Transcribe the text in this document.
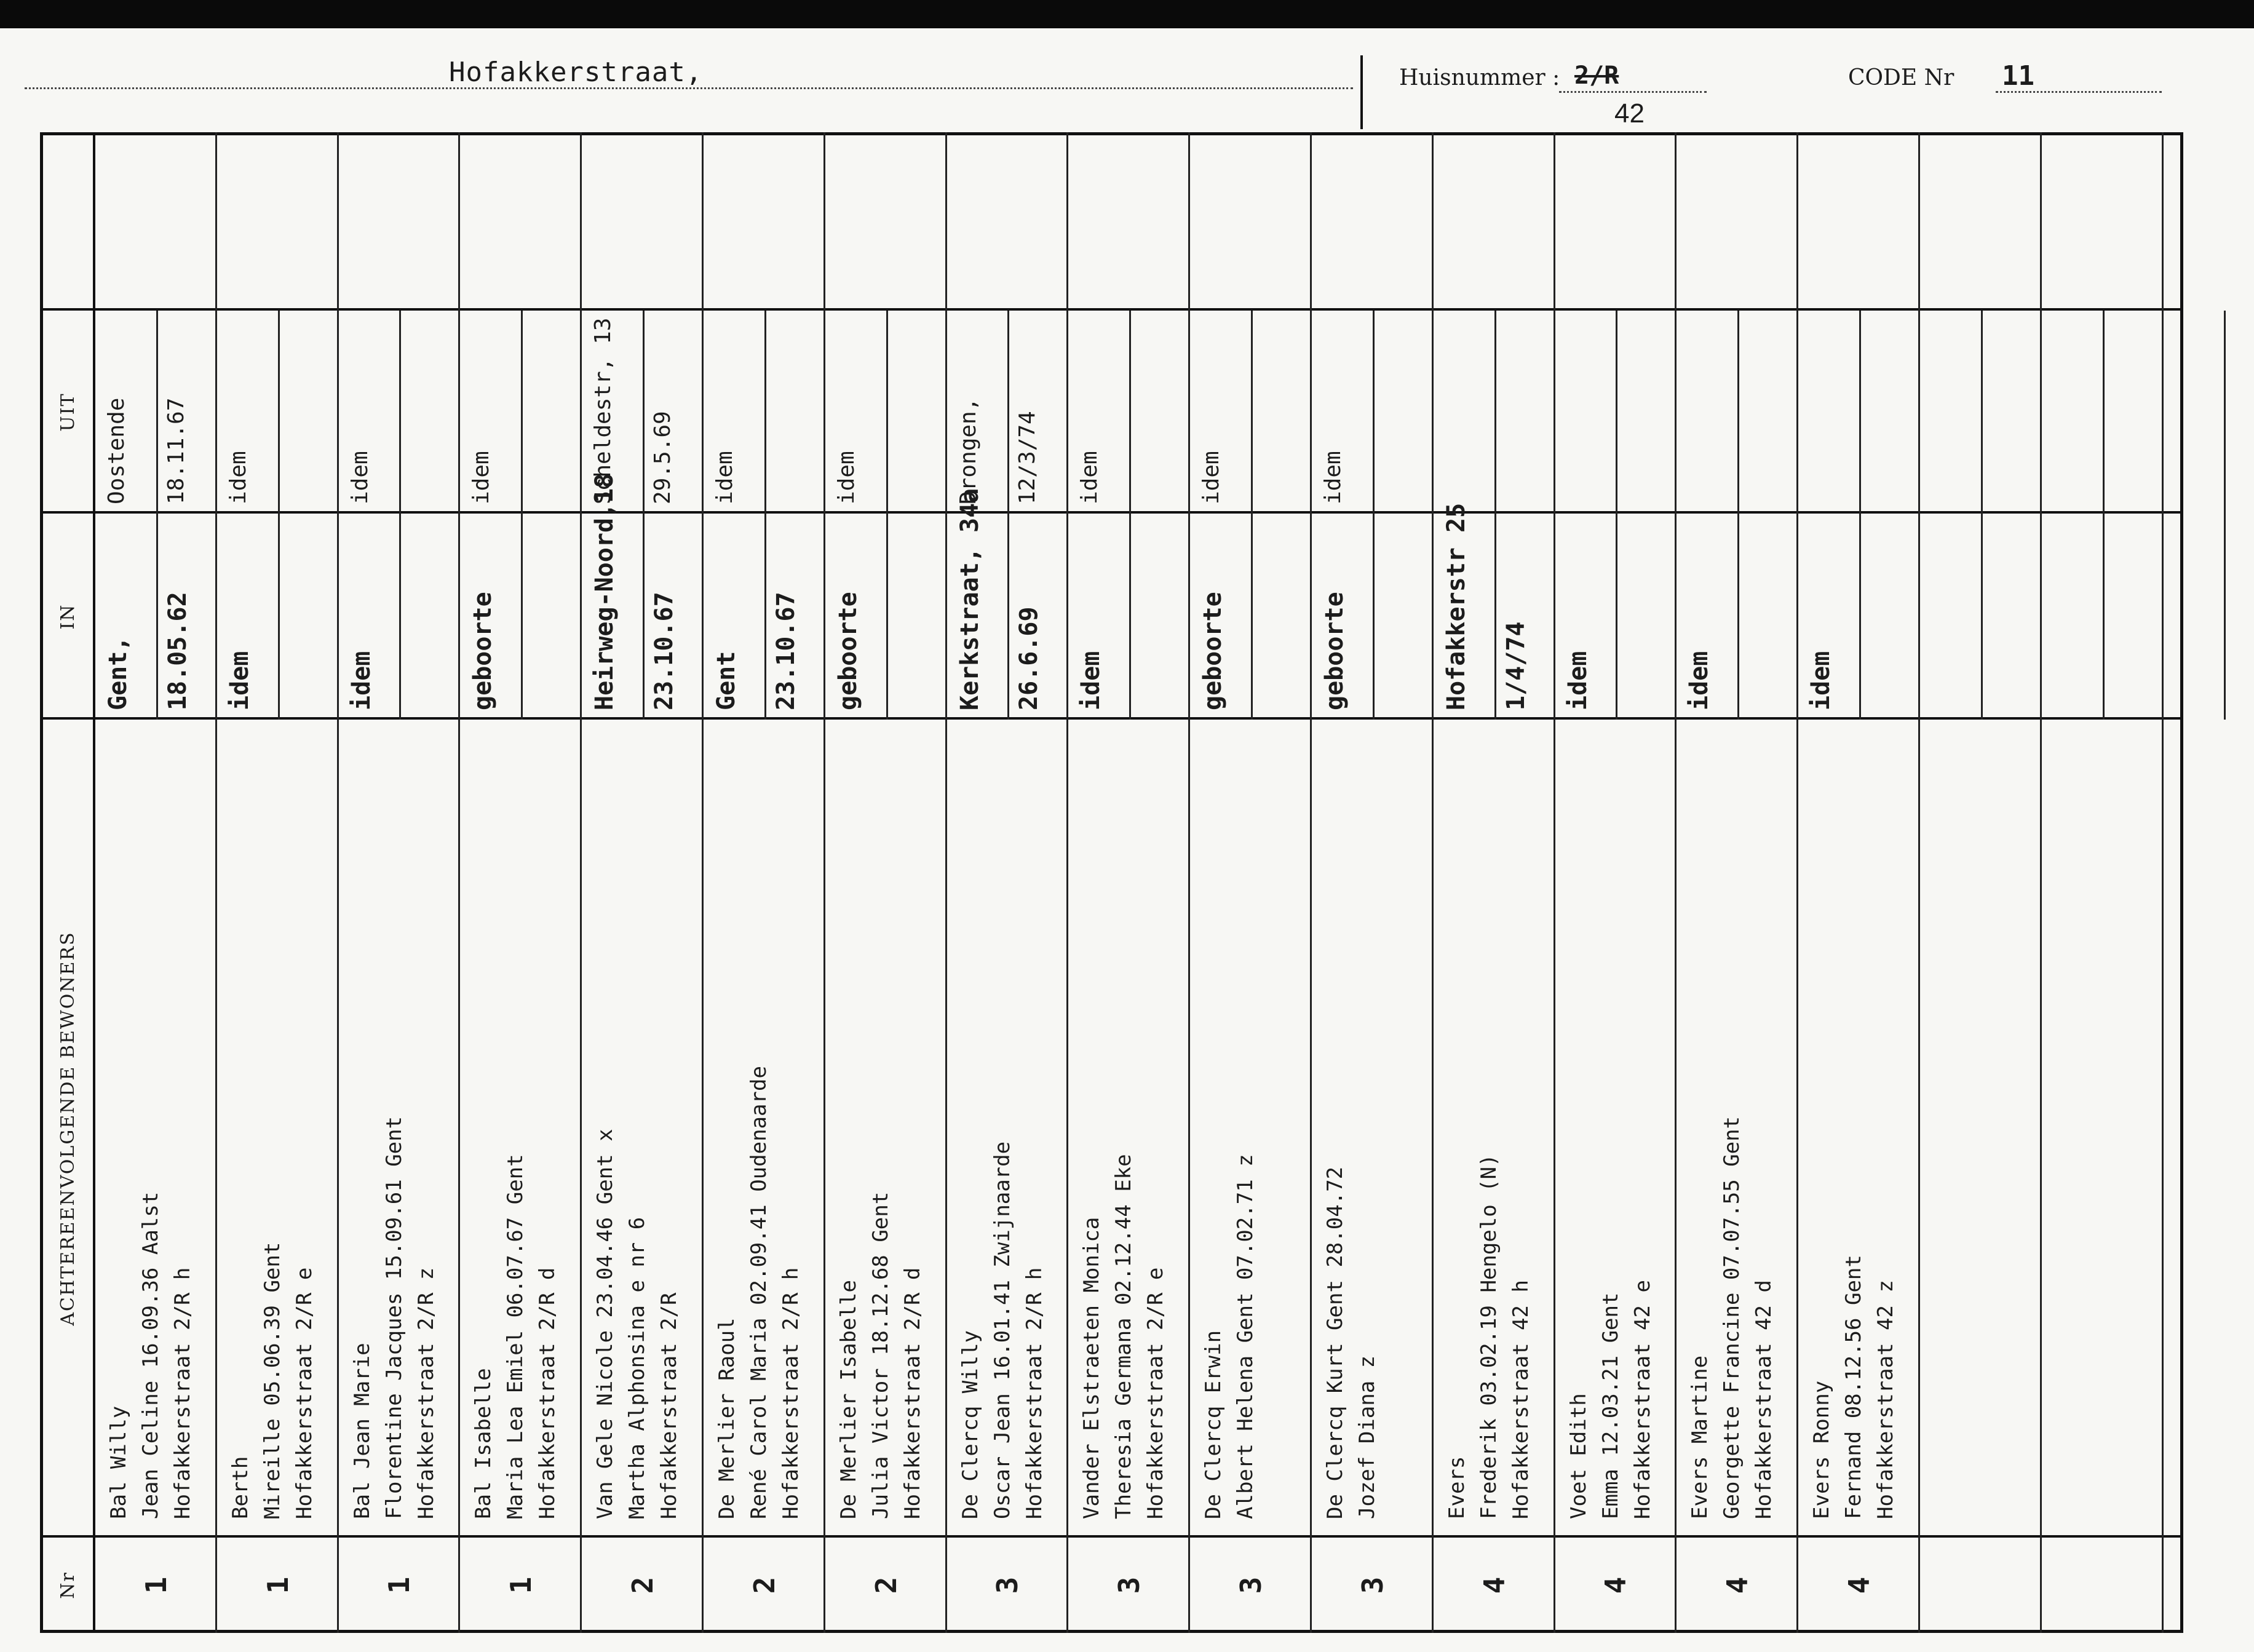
Hofakkerstraat,	Huisnummer : 2/R
42
CODE Nr 11
Nr
ACHTEREENVOLGENDE BEWONERS
IN
UIT
1
Bal Willy Jean Celine 16.09.36 Aalst Hofakkerstraat 2/R h
Gent, 18.05.62
Oostende 18.11.67
1
Berth Mireille 05.06.39 Gent Hofakkerstraat 2/R e
idem
idem
1
Bal Jean Marie Florentine Jacques 15.09.61 Gent Hofakkerstraat 2/R z
idem
idem
1
Bal Isabelle Maria Lea Emiel 06.07.67 Gent Hofakkerstraat 2/R d
geboorte
idem
2
Van Gele Nicole 23.04.46 Gent x Martha Alphonsina e nr 6 Hofakkerstraat 2/R
Heirweg-Noord,18 23.10.67
Scheldestr, 13 29.5.69
2
De Merlier Raoul René Carol Maria 02.09.41 Oudenaarde Hofakkerstraat 2/R h
Gent 23.10.67
idem
2
De Merlier Isabelle Julia Victor 18.12.68 Gent Hofakkerstraat 2/R d
geboorte
idem
3
De Clercq Willy Oscar Jean 16.01.41 Zwijnaarde Hofakkerstraat 2/R h
Kerkstraat, 34a 26.6.69
Drongen, 12/3/74
3
Vander Elstraeten Monica Theresia Germana 02.12.44 Eke Hofakkerstraat 2/R e
idem
idem
3
De Clercq Erwin Albert Helena Gent 07.02.71 z
geboorte
idem
3
De Clercq Kurt Gent 28.04.72 Jozef Diana z
geboorte
idem
4
Evers Frederik 03.02.19 Hengelo (N) Hofakkerstraat 42 h
Hofakkerstr 25 1/4/74
4
Voet Edith Emma 12.03.21 Gent Hofakkerstraat 42 e
idem
4
Evers Martine Georgette Francine 07.07.55 Gent Hofakkerstraat 42 d
idem
4
Evers Ronny Fernand 08.12.56 Gent Hofakkerstraat 42 z
idem
